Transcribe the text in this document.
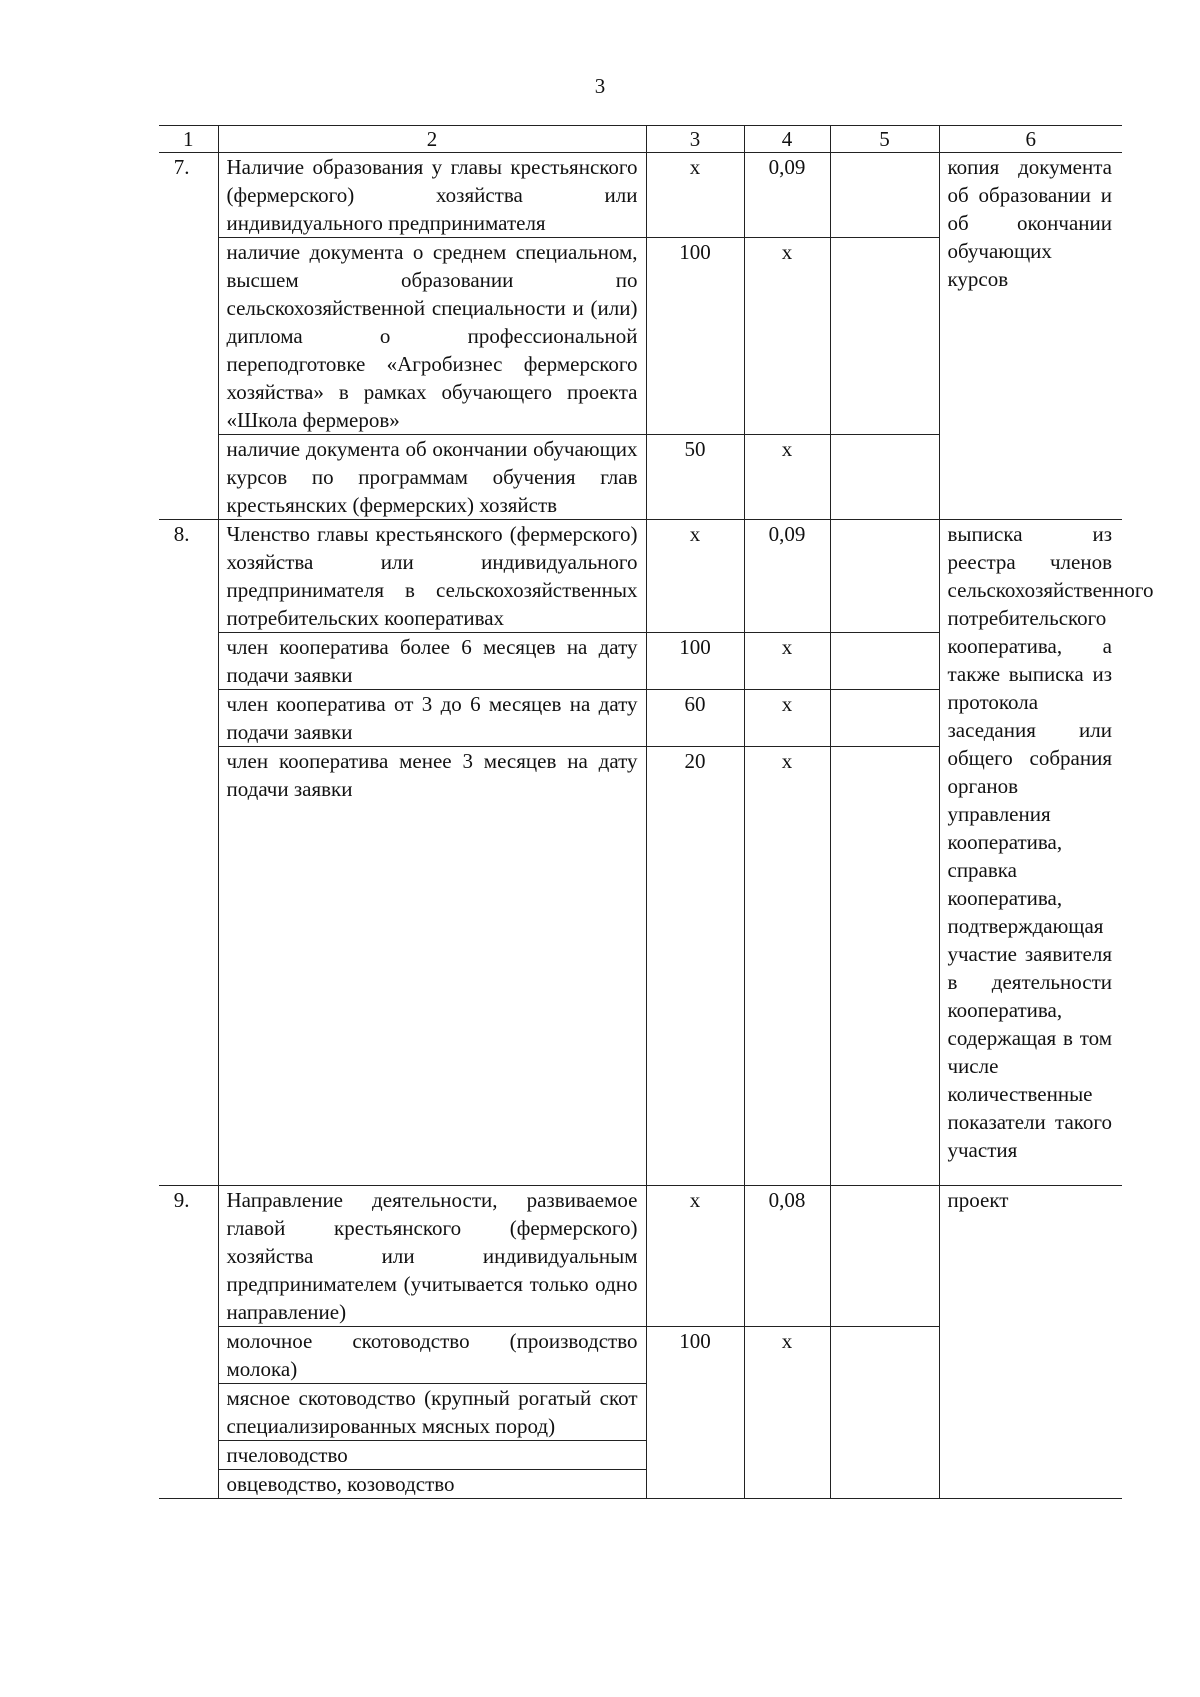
3
1	2	3	4	5	6
7.	Наличие образования у главы крестьянского (фермерского) хозяйства или индивидуального предпринимателя	х	0,09		копия документа об образовании и об окончании обучающих курсов
	наличие документа о среднем специальном, высшем образовании по сельскохозяйственной специальности и (или) диплома о профессиональной переподготовке «Агробизнес фермерского хозяйства» в рамках обучающего проекта «Школа фермеров»	100	х		
	наличие документа об окончании обучающих курсов по программам обучения глав крестьянских (фермерских) хозяйств	50	х		
8.	Членство главы крестьянского (фермерского) хозяйства или индивидуального предпринимателя в сельскохозяйственных потребительских кооперативах	х	0,09		выписка из реестра членов сельскохозяйственного потребительского кооператива, а также выписка из протокола заседания или общего собрания органов управления кооператива, справка кооператива, подтверждающая участие заявителя в деятельности кооператива, содержащая в том числе количественные показатели такого участия
	член кооператива более 6 месяцев на дату подачи заявки	100	х		
	член кооператива от 3 до 6 месяцев на дату подачи заявки	60	х		
	член кооператива менее 3 месяцев на дату подачи заявки	20	х		
9.	Направление деятельности, развиваемое главой крестьянского (фермерского) хозяйства или индивидуальным предпринимателем (учитывается только одно направление)	х	0,08		проект
	молочное скотоводство (производство молока)	100	х		
	мясное скотоводство (крупный рогатый скот специализированных мясных пород)				
	пчеловодство				
	овцеводство, козоводство				
